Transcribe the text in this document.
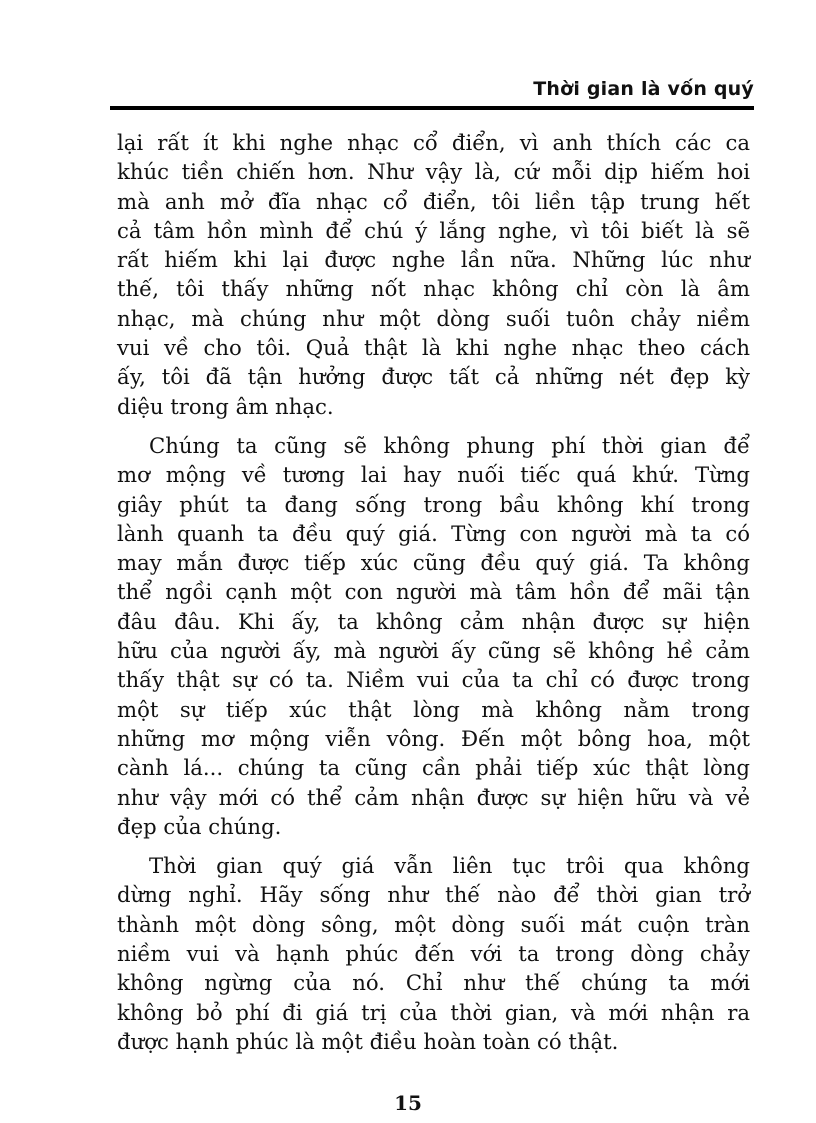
Thời gian là vốn quý

lại rất ít khi nghe nhạc cổ điển, vì anh thích các ca
khúc tiền chiến hơn. Như vậy là, cứ mỗi dịp hiếm hoi
mà anh mở đĩa nhạc cổ điển, tôi liền tập trung hết
cả tâm hồn mình để chú ý lắng nghe, vì tôi biết là sẽ
rất hiếm khi lại được nghe lần nữa. Những lúc như
thế, tôi thấy những nốt nhạc không chỉ còn là âm
nhạc, mà chúng như một dòng suối tuôn chảy niềm
vui về cho tôi. Quả thật là khi nghe nhạc theo cách
ấy, tôi đã tận hưởng được tất cả những nét đẹp kỳ
diệu trong âm nhạc.

Chúng ta cũng sẽ không phung phí thời gian để
mơ mộng về tương lai hay nuối tiếc quá khứ. Từng
giây phút ta đang sống trong bầu không khí trong
lành quanh ta đều quý giá. Từng con người mà ta có
may mắn được tiếp xúc cũng đều quý giá. Ta không
thể ngồi cạnh một con người mà tâm hồn để mãi tận
đâu đâu. Khi ấy, ta không cảm nhận được sự hiện
hữu của người ấy, mà người ấy cũng sẽ không hề cảm
thấy thật sự có ta. Niềm vui của ta chỉ có được trong
một sự tiếp xúc thật lòng mà không nằm trong
những mơ mộng viễn vông. Đến một bông hoa, một
cành lá... chúng ta cũng cần phải tiếp xúc thật lòng
như vậy mới có thể cảm nhận được sự hiện hữu và vẻ
đẹp của chúng.

Thời gian quý giá vẫn liên tục trôi qua không
dừng nghỉ. Hãy sống như thế nào để thời gian trở
thành một dòng sông, một dòng suối mát cuộn tràn
niềm vui và hạnh phúc đến với ta trong dòng chảy
không ngừng của nó. Chỉ như thế chúng ta mới
không bỏ phí đi giá trị của thời gian, và mới nhận ra
được hạnh phúc là một điều hoàn toàn có thật.

15
